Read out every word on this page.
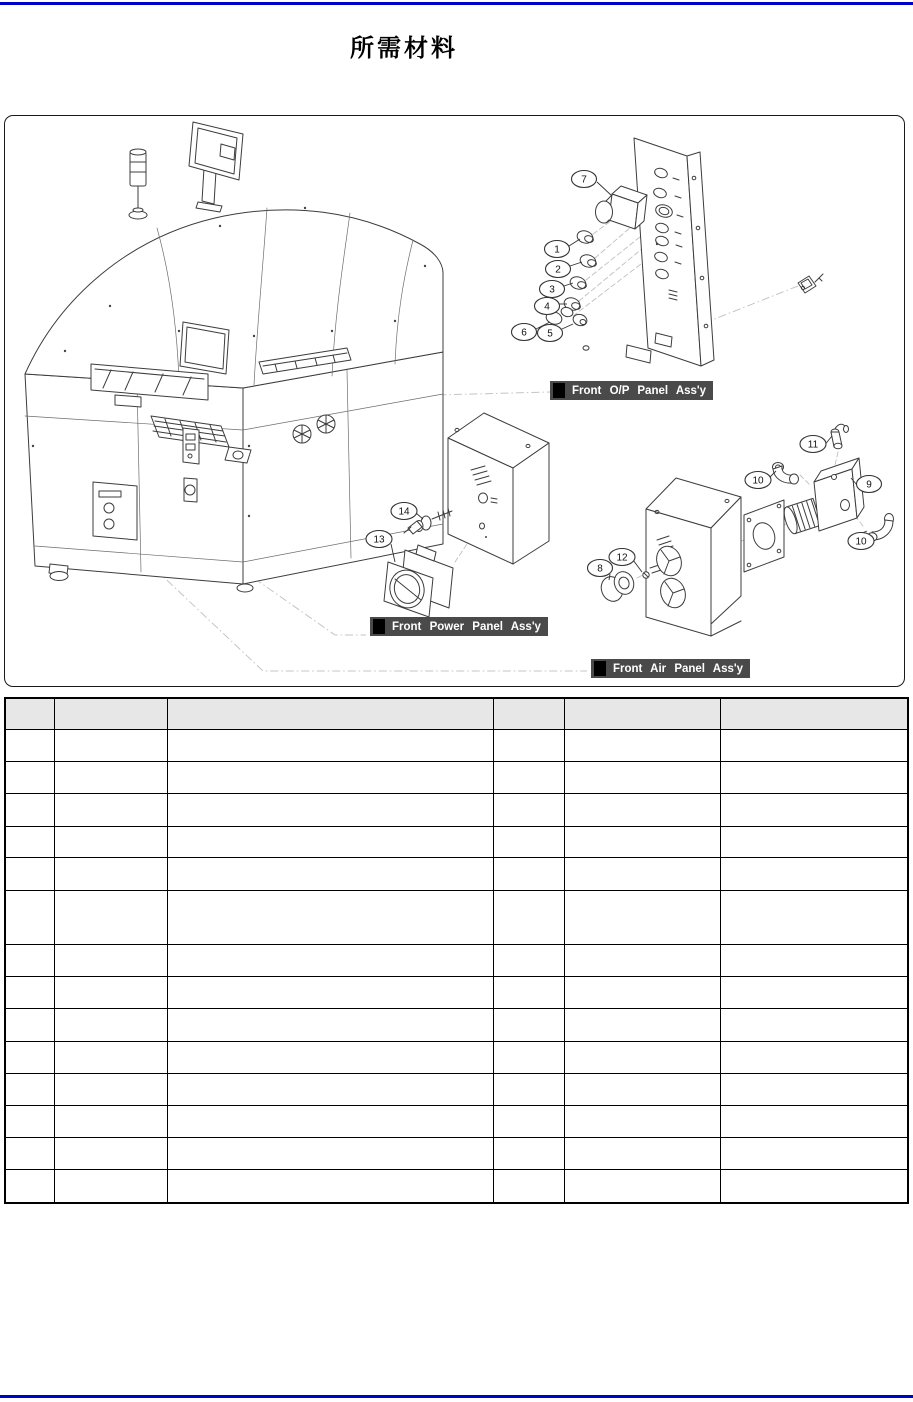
所需材料
7
1
2
3
4
6 5
14
13
11
10	9
10
12
8
Front O/P Panel Ass'y
Front Power Panel Ass'y
Front Air Panel Ass'y
